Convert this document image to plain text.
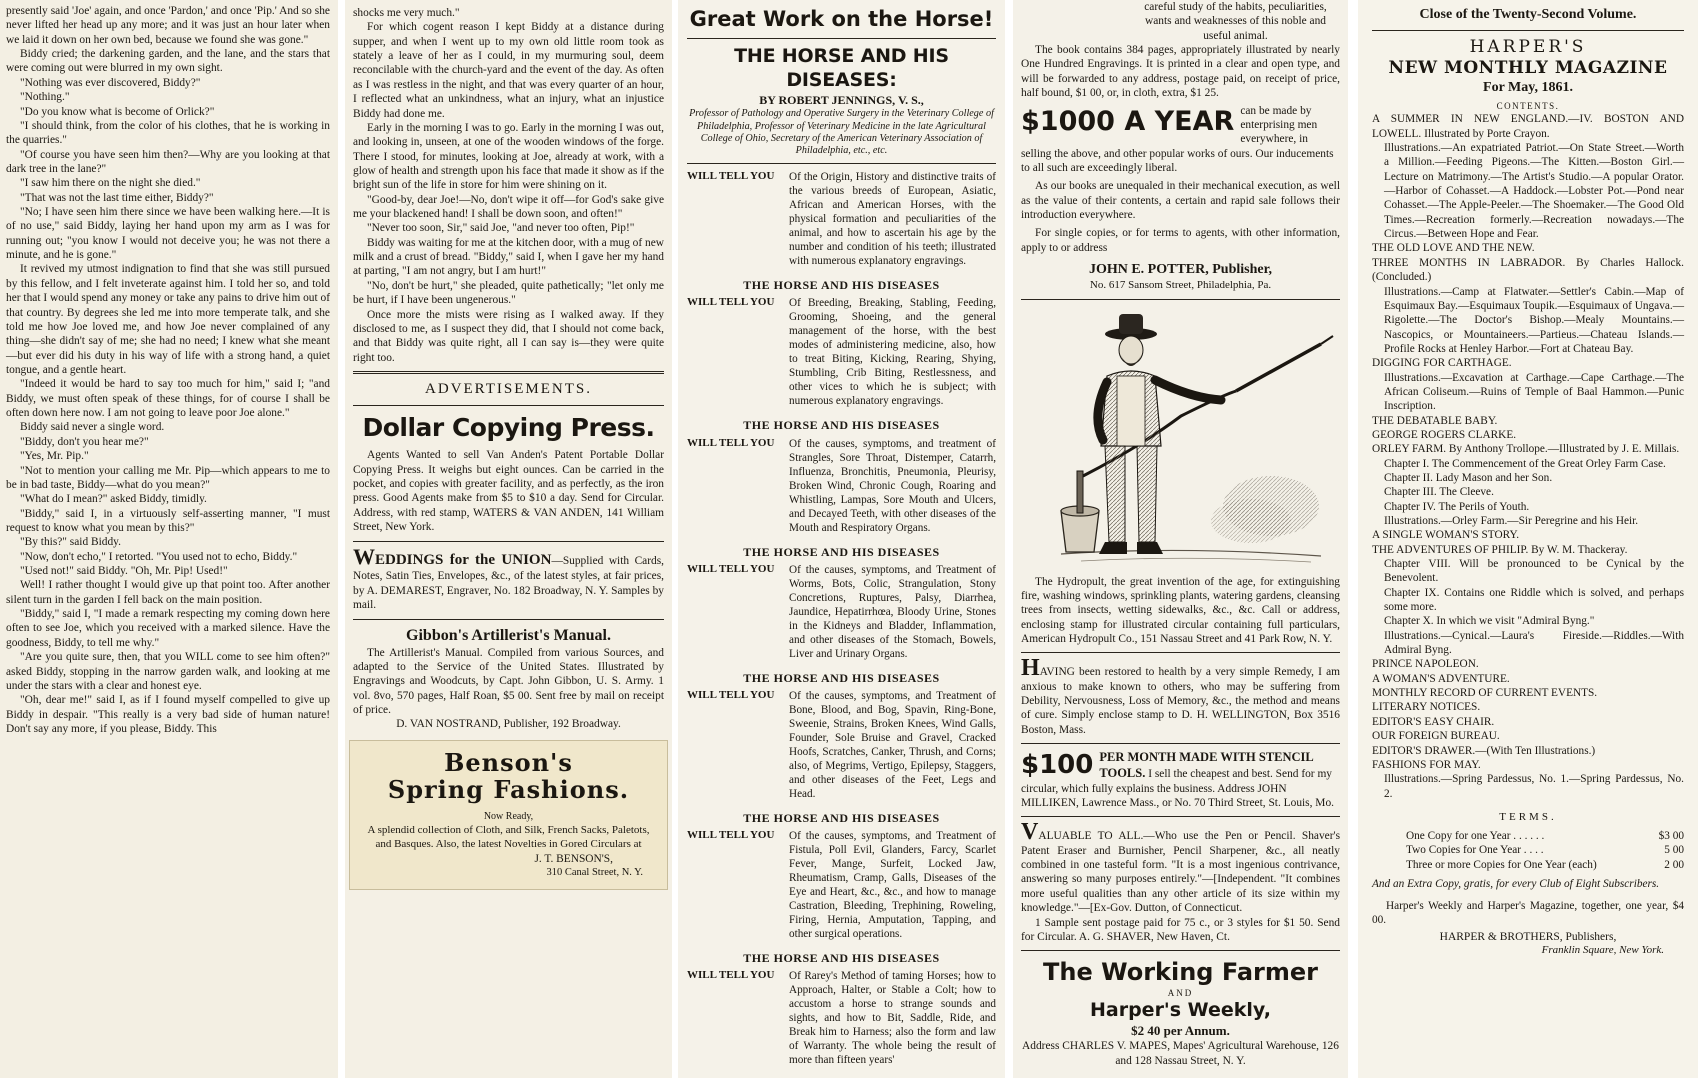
presently said 'Joe' again, and once 'Pardon,' and once 'Pip.' And so she never lifted her head up any more; and it was just an hour later when we laid it down on her own bed, because we found she was gone."

Biddy cried; the darkening garden, and the lane, and the stars that were coming out were blurred in my own sight.

"Nothing was ever discovered, Biddy?"

"Nothing."

"Do you know what is become of Orlick?"

"I should think, from the color of his clothes, that he is working in the quarries."

"Of course you have seen him then?—Why are you looking at that dark tree in the lane?"

"I saw him there on the night she died."

"That was not the last time either, Biddy?"

"No; I have seen him there since we have been walking here.—It is of no use," said Biddy, laying her hand upon my arm as I was for running out; "you know I would not deceive you; he was not there a minute, and he is gone."

It revived my utmost indignation to find that she was still pursued by this fellow, and I felt inveterate against him. I told her so, and told her that I would spend any money or take any pains to drive him out of that country. By degrees she led me into more temperate talk, and she told me how Joe loved me, and how Joe never complained of any thing—she didn't say of me; she had no need; I knew what she meant—but ever did his duty in his way of life with a strong hand, a quiet tongue, and a gentle heart.

"Indeed it would be hard to say too much for him," said I; "and Biddy, we must often speak of these things, for of course I shall be often down here now. I am not going to leave poor Joe alone."

Biddy said never a single word.

"Biddy, don't you hear me?"

"Yes, Mr. Pip."

"Not to mention your calling me Mr. Pip—which appears to me to be in bad taste, Biddy—what do you mean?"

"What do I mean?" asked Biddy, timidly.

"Biddy," said I, in a virtuously self-asserting manner, "I must request to know what you mean by this?"

"By this?" said Biddy.

"Now, don't echo," I retorted. "You used not to echo, Biddy."

"Used not!" said Biddy. "Oh, Mr. Pip! Used!"

Well! I rather thought I would give up that point too. After another silent turn in the garden I fell back on the main position.

"Biddy," said I, "I made a remark respecting my coming down here often to see Joe, which you received with a marked silence. Have the goodness, Biddy, to tell me why."

"Are you quite sure, then, that you WILL come to see him often?" asked Biddy, stopping in the narrow garden walk, and looking at me under the stars with a clear and honest eye.

"Oh, dear me!" said I, as if I found myself compelled to give up Biddy in despair. "This really is a very bad side of human nature! Don't say any more, if you please, Biddy. This

shocks me very much."

For which cogent reason I kept Biddy at a distance during supper, and when I went up to my own old little room took as stately a leave of her as I could, in my murmuring soul, deem reconcilable with the church-yard and the event of the day. As often as I was restless in the night, and that was every quarter of an hour, I reflected what an unkindness, what an injury, what an injustice Biddy had done me.

Early in the morning I was to go. Early in the morning I was out, and looking in, unseen, at one of the wooden windows of the forge. There I stood, for minutes, looking at Joe, already at work, with a glow of health and strength upon his face that made it show as if the bright sun of the life in store for him were shining on it.

"Good-by, dear Joe!—No, don't wipe it off—for God's sake give me your blackened hand! I shall be down soon, and often!"

"Never too soon, Sir," said Joe, "and never too often, Pip!"

Biddy was waiting for me at the kitchen door, with a mug of new milk and a crust of bread. "Biddy," said I, when I gave her my hand at parting, "I am not angry, but I am hurt!"

"No, don't be hurt," she pleaded, quite pathetically; "let only me be hurt, if I have been ungenerous."

Once more the mists were rising as I walked away. If they disclosed to me, as I suspect they did, that I should not come back, and that Biddy was quite right, all I can say is—they were quite right too.

ADVERTISEMENTS.
Dollar Copying Press.

Agents Wanted to sell Van Anden's Patent Portable Dollar Copying Press. It weighs but eight ounces. Can be carried in the pocket, and copies with greater facility, and as perfectly, as the iron press. Good Agents make from $5 to $10 a day. Send for Circular. Address, with red stamp, WATERS & VAN ANDEN, 141 William Street, New York.

WEDDINGS for the UNION—Supplied with Cards, Notes, Satin Ties, Envelopes, &c., of the latest styles, at fair prices, by A. DEMAREST, Engraver, No. 182 Broadway, N. Y. Samples by mail.

Gibbon's Artillerist's Manual.

The Artillerist's Manual. Compiled from various Sources, and adapted to the Service of the United States. Illustrated by Engravings and Woodcuts, by Capt. John Gibbon, U. S. Army. 1 vol. 8vo, 570 pages, Half Roan, $5 00. Sent free by mail on receipt of price.

D. VAN NOSTRAND, Publisher, 192 Broadway.
Benson's
Spring Fashions.
Now Ready,

A splendid collection of Cloth, and Silk, French Sacks, Paletots, and Basques. Also, the latest Novelties in Gored Circulars at

J. T. BENSON'S,
310 Canal Street, N. Y.
Great Work on the Horse!
THE HORSE AND HIS DISEASES:
BY ROBERT JENNINGS, V. S.,
Professor of Pathology and Operative Surgery in the Veterinary College of Philadelphia, Professor of Veterinary Medicine in the late Agricultural College of Ohio, Secretary of the American Veterinary Association of Philadelphia, etc., etc.
WILL TELL YOU	Of the Origin, History and distinctive traits of the various breeds of European, Asiatic, African and American Horses, with the physical formation and peculiarities of the animal, and how to ascertain his age by the number and condition of his teeth; illustrated with numerous explanatory engravings.
THE HORSE AND HIS DISEASES
WILL TELL YOU	Of Breeding, Breaking, Stabling, Feeding, Grooming, Shoeing, and the general management of the horse, with the best modes of administering medicine, also, how to treat Biting, Kicking, Rearing, Shying, Stumbling, Crib Biting, Restlessness, and other vices to which he is subject; with numerous explanatory engravings.
THE HORSE AND HIS DISEASES
WILL TELL YOU	Of the causes, symptoms, and treatment of Strangles, Sore Throat, Distemper, Catarrh, Influenza, Bronchitis, Pneumonia, Pleurisy, Broken Wind, Chronic Cough, Roaring and Whistling, Lampas, Sore Mouth and Ulcers, and Decayed Teeth, with other diseases of the Mouth and Respiratory Organs.
THE HORSE AND HIS DISEASES
WILL TELL YOU	Of the causes, symptoms, and Treatment of Worms, Bots, Colic, Strangulation, Stony Concretions, Ruptures, Palsy, Diarrhea, Jaundice, Hepatirrhœa, Bloody Urine, Stones in the Kidneys and Bladder, Inflammation, and other diseases of the Stomach, Bowels, Liver and Urinary Organs.
THE HORSE AND HIS DISEASES
WILL TELL YOU	Of the causes, symptoms, and Treatment of Bone, Blood, and Bog, Spavin, Ring-Bone, Sweenie, Strains, Broken Knees, Wind Galls, Founder, Sole Bruise and Gravel, Cracked Hoofs, Scratches, Canker, Thrush, and Corns; also, of Megrims, Vertigo, Epilepsy, Staggers, and other diseases of the Feet, Legs and Head.
THE HORSE AND HIS DISEASES
WILL TELL YOU	Of the causes, symptoms, and Treatment of Fistula, Poll Evil, Glanders, Farcy, Scarlet Fever, Mange, Surfeit, Locked Jaw, Rheumatism, Cramp, Galls, Diseases of the Eye and Heart, &c., &c., and how to manage Castration, Bleeding, Trephining, Roweling, Firing, Hernia, Amputation, Tapping, and other surgical operations.
THE HORSE AND HIS DISEASES
WILL TELL YOU	Of Rarey's Method of taming Horses; how to Approach, Halter, or Stable a Colt; how to accustom a horse to strange sounds and sights, and how to Bit, Saddle, Ride, and Break him to Harness; also the form and law of Warranty. The whole being the result of more than fifteen years'

careful study of the habits, peculiarities, wants and weaknesses of this noble and useful animal.

The book contains 384 pages, appropriately illustrated by nearly One Hundred Engravings. It is printed in a clear and open type, and will be forwarded to any address, postage paid, on receipt of price, half bound, $1 00, or, in cloth, extra, $1 25.

$1000 A YEAR can be made by enterprising men everywhere, in selling the above, and other popular works of ours. Our inducements to all such are exceedingly liberal.

As our books are unequaled in their mechanical execution, as well as the value of their contents, a certain and rapid sale follows their introduction everywhere.

For single copies, or for terms to agents, with other information, apply to or address

JOHN E. POTTER, Publisher,
No. 617 Sansom Street, Philadelphia, Pa.

The Hydropult, the great invention of the age, for extinguishing fire, washing windows, sprinkling plants, watering gardens, cleansing trees from insects, wetting sidewalks, &c., &c. Call or address, enclosing stamp for illustrated circular containing full particulars, American Hydropult Co., 151 Nassau Street and 41 Park Row, N. Y.

HAVING been restored to health by a very simple Remedy, I am anxious to make known to others, who may be suffering from Debility, Nervousness, Loss of Memory, &c., the method and means of cure. Simply enclose stamp to D. H. WELLINGTON, Box 3516 Boston, Mass.

$100 PER MONTH MADE WITH STENCIL TOOLS. I sell the cheapest and best. Send for my circular, which fully explains the business. Address JOHN MILLIKEN, Lawrence Mass., or No. 70 Third Street, St. Louis, Mo.

VALUABLE TO ALL.—Who use the Pen or Pencil. Shaver's Patent Eraser and Burnisher, Pencil Sharpener, &c., all neatly combined in one tasteful form. "It is a most ingenious contrivance, answering so many purposes entirely."—[Independent. "It combines more useful qualities than any other article of its size within my knowledge."—[Ex-Gov. Dutton, of Connecticut.

1 Sample sent postage paid for 75 c., or 3 styles for $1 50. Send for Circular. A. G. SHAVER, New Haven, Ct.

The Working Farmer
AND
Harper's Weekly,
$2 40 per Annum.

Address CHARLES V. MAPES, Mapes' Agricultural Warehouse, 126 and 128 Nassau Street, N. Y.

Close of the Twenty-Second Volume.
HARPER'S
NEW MONTHLY MAGAZINE
For May, 1861.
CONTENTS.

A SUMMER IN NEW ENGLAND.—IV. BOSTON AND LOWELL. Illustrated by Porte Crayon.

Illustrations.—An expatriated Patriot.—On State Street.—Worth a Million.—Feeding Pigeons.—The Kitten.—Boston Girl.—Lecture on Matrimony.—The Artist's Studio.—A popular Orator.—Harbor of Cohasset.—A Haddock.—Lobster Pot.—Pond near Cohasset.—The Apple-Peeler.—The Shoemaker.—The Good Old Times.—Recreation formerly.—Recreation nowadays.—The Circus.—Between Hope and Fear.

THE OLD LOVE AND THE NEW.

THREE MONTHS IN LABRADOR. By Charles Hallock. (Concluded.)

Illustrations.—Camp at Flatwater.—Settler's Cabin.—Map of Esquimaux Bay.—Esquimaux Toupik.—Esquimaux of Ungava.—Rigolette.—The Doctor's Bishop.—Mealy Mountains.—Nascopics, or Mountaineers.—Partieus.—Chateau Islands.—Profile Rocks at Henley Harbor.—Fort at Chateau Bay.

DIGGING FOR CARTHAGE.

Illustrations.—Excavation at Carthage.—Cape Carthage.—The African Coliseum.—Ruins of Temple of Baal Hammon.—Punic Inscription.

THE DEBATABLE BABY.

GEORGE ROGERS CLARKE.

ORLEY FARM. By Anthony Trollope.—Illustrated by J. E. Millais.

Chapter I. The Commencement of the Great Orley Farm Case.

Chapter II. Lady Mason and her Son.

Chapter III. The Cleeve.

Chapter IV. The Perils of Youth.

Illustrations.—Orley Farm.—Sir Peregrine and his Heir.

A SINGLE WOMAN'S STORY.

THE ADVENTURES OF PHILIP. By W. M. Thackeray.

Chapter VIII. Will be pronounced to be Cynical by the Benevolent.

Chapter IX. Contains one Riddle which is solved, and perhaps some more.

Chapter X. In which we visit "Admiral Byng."

Illustrations.—Cynical.—Laura's Fireside.—Riddles.—With Admiral Byng.

PRINCE NAPOLEON.

A WOMAN'S ADVENTURE.

MONTHLY RECORD OF CURRENT EVENTS.

LITERARY NOTICES.

EDITOR'S EASY CHAIR.

OUR FOREIGN BUREAU.

EDITOR'S DRAWER.—(With Ten Illustrations.)

FASHIONS FOR MAY.

Illustrations.—Spring Pardessus, No. 1.—Spring Pardessus, No. 2.

TERMS.
One Copy for one Year . . . . . .	$3 00
Two Copies for One Year . . . .	5 00
Three or more Copies for One Year (each)	2 00

And an Extra Copy, gratis, for every Club of Eight Subscribers.

Harper's Weekly and Harper's Magazine, together, one year, $4 00.

HARPER & BROTHERS, Publishers,
Franklin Square, New York.
